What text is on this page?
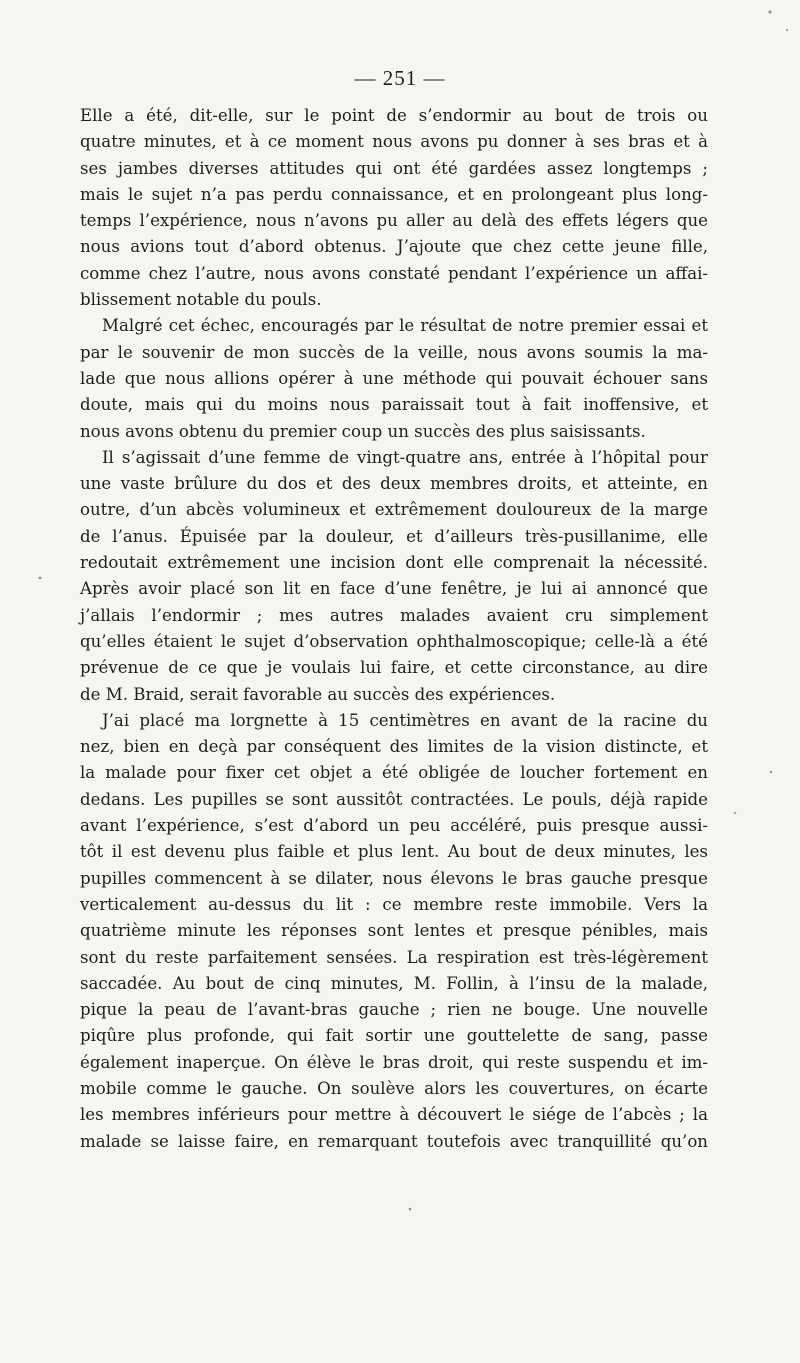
— 251 —

Elle a été, dit-elle, sur le point de s’endormir au bout de trois ou
quatre minutes, et à ce moment nous avons pu donner à ses bras et à
ses jambes diverses attitudes qui ont été gardées assez longtemps ;
mais le sujet n’a pas perdu connaissance, et en prolongeant plus long-
temps l’expérience, nous n’avons pu aller au delà des effets légers que
nous avions tout d’abord obtenus. J’ajoute que chez cette jeune fille,
comme chez l’autre, nous avons constaté pendant l’expérience un affai-
blissement notable du pouls.

Malgré cet échec, encouragés par le résultat de notre premier essai et
par le souvenir de mon succès de la veille, nous avons soumis la ma-
lade que nous allions opérer à une méthode qui pouvait échouer sans
doute, mais qui du moins nous paraissait tout à fait inoffensive, et
nous avons obtenu du premier coup un succès des plus saisissants.

Il s’agissait d’une femme de vingt-quatre ans, entrée à l’hôpital pour
une vaste brûlure du dos et des deux membres droits, et atteinte, en
outre, d’un abcès volumineux et extrêmement douloureux de la marge
de l’anus. Épuisée par la douleur, et d’ailleurs très-pusillanime, elle
redoutait extrêmement une incision dont elle comprenait la nécessité.
Après avoir placé son lit en face d’une fenêtre, je lui ai annoncé que
j’allais l’endormir ; mes autres malades avaient cru simplement
qu’elles étaient le sujet d’observation ophthalmoscopique; celle-là a été
prévenue de ce que je voulais lui faire, et cette circonstance, au dire
de M. Braid, serait favorable au succès des expériences.

J’ai placé ma lorgnette à 15 centimètres en avant de la racine du
nez, bien en deçà par conséquent des limites de la vision distincte, et
la malade pour fixer cet objet a été obligée de loucher fortement en
dedans. Les pupilles se sont aussitôt contractées. Le pouls, déjà rapide
avant l’expérience, s’est d’abord un peu accéléré, puis presque aussi-
tôt il est devenu plus faible et plus lent. Au bout de deux minutes, les
pupilles commencent à se dilater, nous élevons le bras gauche presque
verticalement au-dessus du lit : ce membre reste immobile. Vers la
quatrième minute les réponses sont lentes et presque pénibles, mais
sont du reste parfaitement sensées. La respiration est très-légèrement
saccadée. Au bout de cinq minutes, M. Follin, à l’insu de la malade,
pique la peau de l’avant-bras gauche ; rien ne bouge. Une nouvelle
piqûre plus profonde, qui fait sortir une gouttelette de sang, passe
également inaperçue. On élève le bras droit, qui reste suspendu et im-
mobile comme le gauche. On soulève alors les couvertures, on écarte
les membres inférieurs pour mettre à découvert le siége de l’abcès ; la
malade se laisse faire, en remarquant toutefois avec tranquillité qu’on
